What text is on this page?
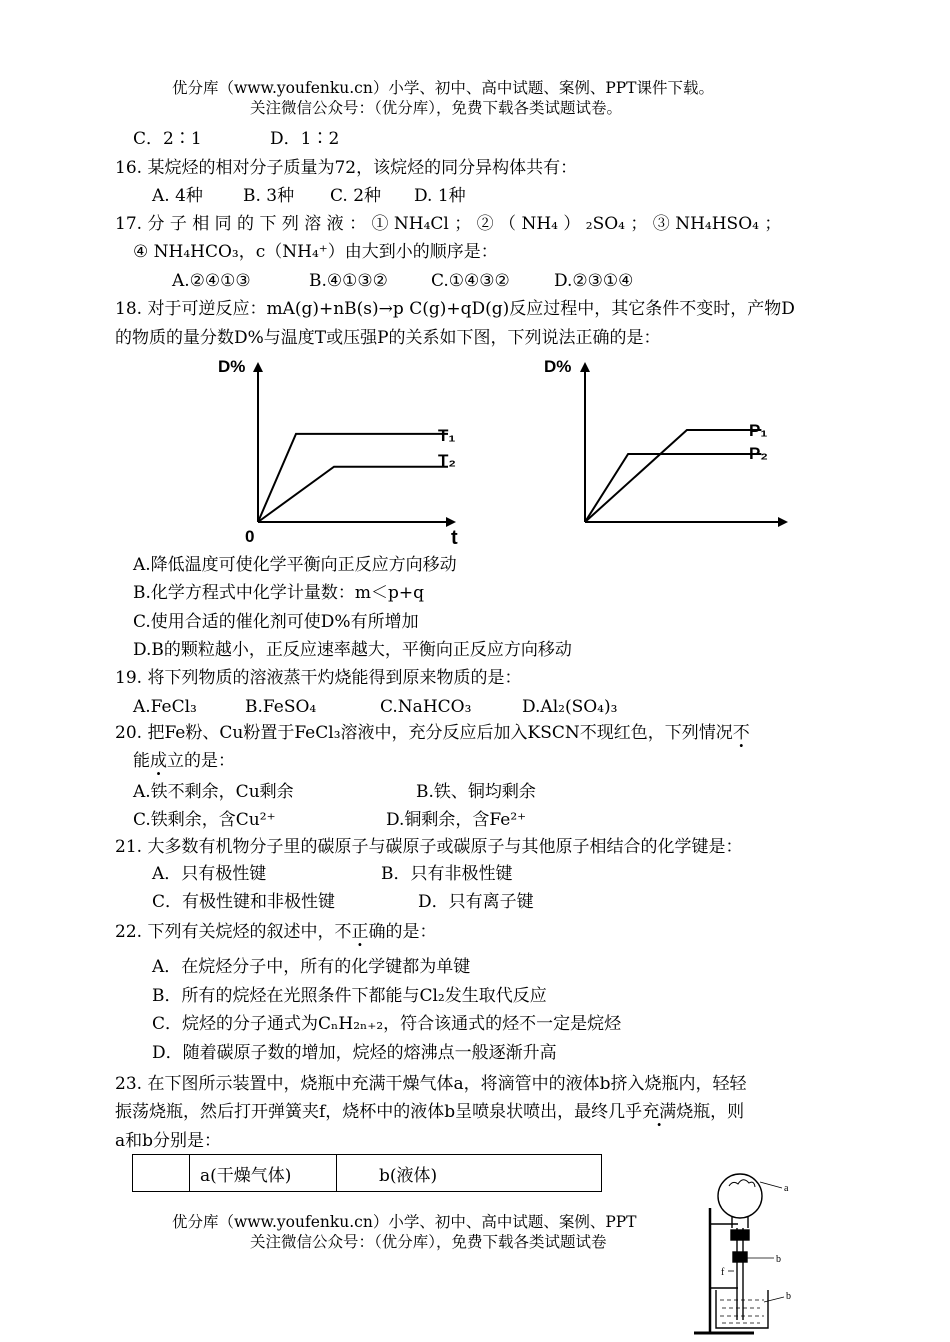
优分库（www.youfenku.cn）小学、初中、高中试题、案例、PPT课件下载。
关注微信公众号：（优分库），免费下载各类试题试卷。
C．2∶1	D．1∶2
16. 某烷烃的相对分子质量为72，该烷烃的同分异构体共有：
A. 4种 B. 3种 C. 2种 D. 1种
17. 分 子 相 同 的 下 列 溶 液 ： ① NH₄Cl ； ② （ NH₄ ） ₂SO₄ ； ③ NH₄HSO₄ ；
④ NH₄HCO₃，c（NH₄⁺）由大到小的顺序是：
A.②④①③	B.④①③②	C.①④③②	D.②③①④
18. 对于可逆反应：mA(g)+nB(s)→p C(g)+qD(g)反应过程中，其它条件不变时，产物D
的物质的量分数D%与温度T或压强P的关系如下图，下列说法正确的是：
D%
0	t
T₁
T₂
D%
P₁
P₂
A.降低温度可使化学平衡向正反应方向移动
B.化学方程式中化学计量数：m＜p+q
C.使用合适的催化剂可使D%有所增加
D.B的颗粒越小，正反应速率越大，平衡向正反应方向移动
19. 将下列物质的溶液蒸干灼烧能得到原来物质的是：
A.FeCl₃	B.FeSO₄	C.NaHCO₃	D.Al₂(SO₄)₃
20. 把Fe粉、Cu粉置于FeCl₃溶液中，充分反应后加入KSCN不现红色，下列情况不
能成立的是：
A.铁不剩余，Cu剩余	B.铁、铜均剩余
C.铁剩余，含Cu²⁺	D.铜剩余，含Fe²⁺
21. 大多数有机物分子里的碳原子与碳原子或碳原子与其他原子相结合的化学键是：
A．只有极性键	B．只有非极性键
C．有极性键和非极性键	D．只有离子键
22. 下列有关烷烃的叙述中，不正确的是：
A．在烷烃分子中，所有的化学键都为单键
B．所有的烷烃在光照条件下都能与Cl₂发生取代反应
C．烷烃的分子通式为CₙH₂ₙ₊₂，符合该通式的烃不一定是烷烃
D．随着碳原子数的增加，烷烃的熔沸点一般逐渐升高
23. 在下图所示装置中，烧瓶中充满干燥气体a，将滴管中的液体b挤入烧瓶内，轻轻
振荡烧瓶，然后打开弹簧夹f，烧杯中的液体b呈喷泉状喷出，最终几乎充满烧瓶，则
a和b分别是：
	a(干燥气体)	b(液体)
优分库（www.youfenku.cn）小学、初中、高中试题、案例、PPT
关注微信公众号：（优分库），免费下载各类试题试卷
a
b
f
b
